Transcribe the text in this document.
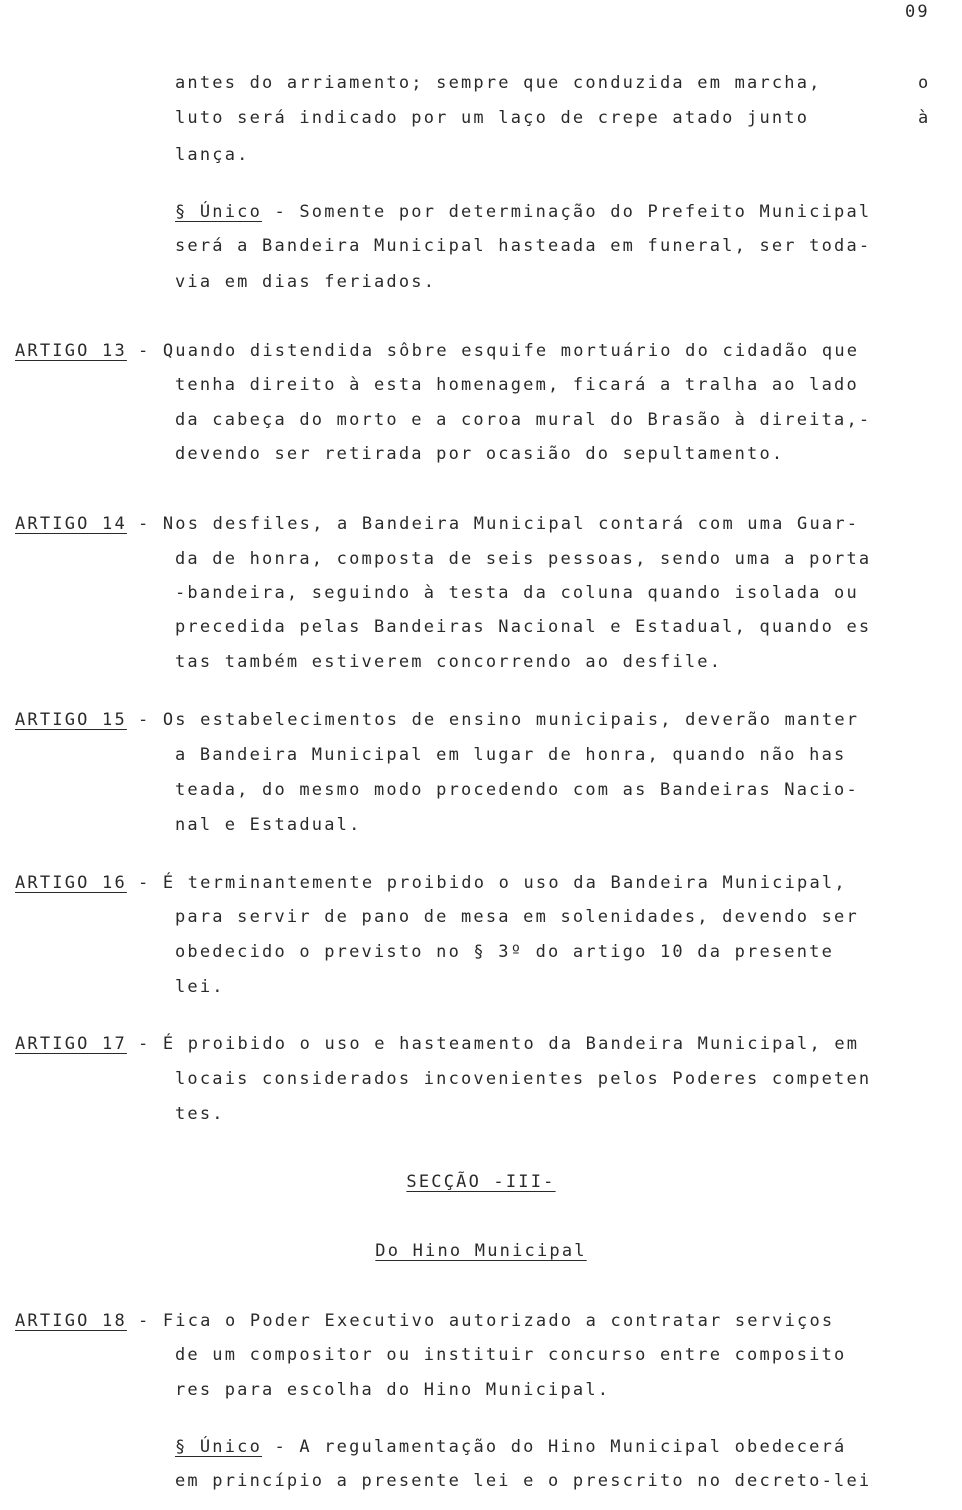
09
antes do arriamento; sempre que conduzida em marcha,	o
luto será indicado por um laço de crepe atado junto	à
lança.
§ Único - Somente por determinação do Prefeito Municipal
será a Bandeira Municipal hasteada em funeral, ser toda-
via em dias feriados.
ARTIGO 13 - Quando distendida sôbre esquife mortuário do cidadão que
tenha direito à esta homenagem, ficará a tralha ao lado
da cabeça do morto e a coroa mural do Brasão à direita,-
devendo ser retirada por ocasião do sepultamento.
ARTIGO 14 - Nos desfiles, a Bandeira Municipal contará com uma Guar-
da de honra, composta de seis pessoas, sendo uma a porta
-bandeira, seguindo à testa da coluna quando isolada ou
precedida pelas Bandeiras Nacional e Estadual, quando es
tas também estiverem concorrendo ao desfile.
ARTIGO 15 - Os estabelecimentos de ensino municipais, deverão manter
a Bandeira Municipal em lugar de honra, quando não has
teada, do mesmo modo procedendo com as Bandeiras Nacio-
nal e Estadual.
ARTIGO 16 - É terminantemente proibido o uso da Bandeira Municipal,
para servir de pano de mesa em solenidades, devendo ser
obedecido o previsto no § 3º do artigo 10 da presente
lei.
ARTIGO 17 - É proibido o uso e hasteamento da Bandeira Municipal, em
locais considerados incovenientes pelos Poderes competen
tes.
SECÇÃO -III-
Do Hino Municipal
ARTIGO 18 - Fica o Poder Executivo autorizado a contratar serviços
de um compositor ou instituir concurso entre composito
res para escolha do Hino Municipal.
§ Único - A regulamentação do Hino Municipal obedecerá
em princípio a presente lei e o prescrito no decreto-lei
